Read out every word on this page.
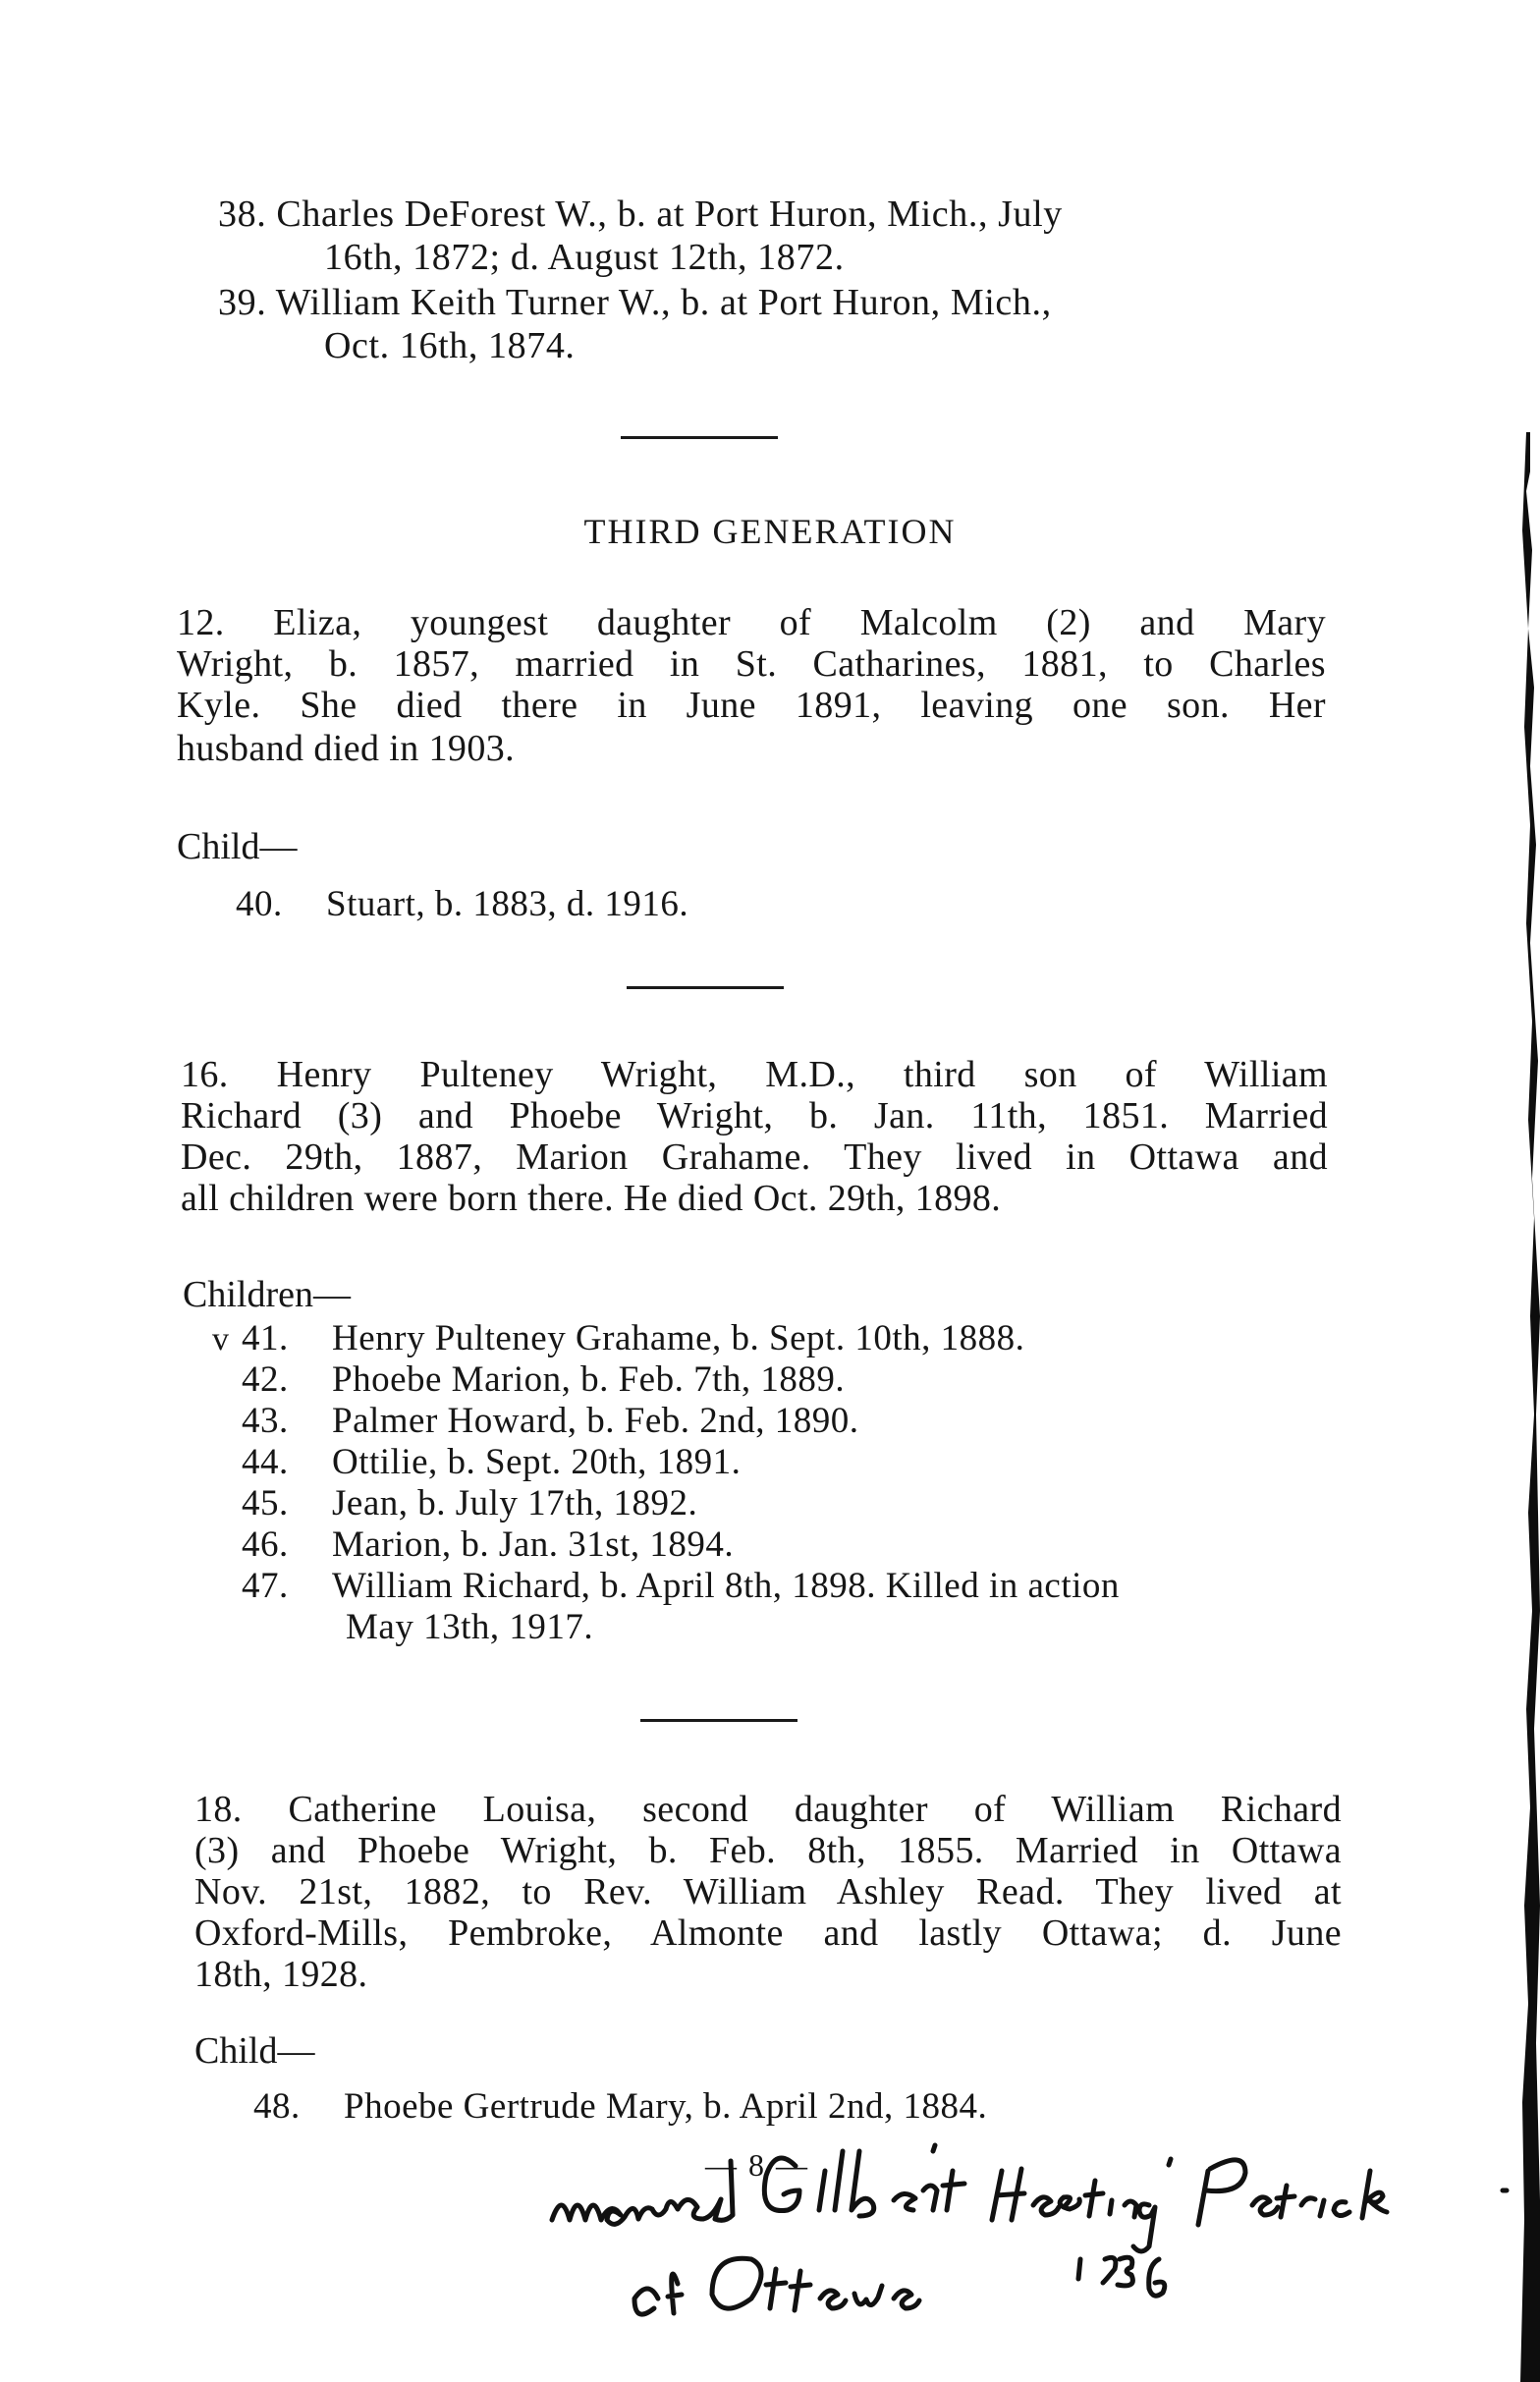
38. Charles DeForest W., b. at Port Huron, Mich., July
16th, 1872; d. August 12th, 1872.
39. William Keith Turner W., b. at Port Huron, Mich.,
Oct. 16th, 1874.
THIRD GENERATION
12. Eliza, youngest daughter of Malcolm (2) and Mary
Wright, b. 1857, married in St. Catharines, 1881, to Charles
Kyle. She died there in June 1891, leaving one son. Her
husband died in 1903.
Child—
40. Stuart, b. 1883, d. 1916.
16. Henry Pulteney Wright, M.D., third son of William
Richard (3) and Phoebe Wright, b. Jan. 11th, 1851. Married
Dec. 29th, 1887, Marion Grahame. They lived in Ottawa and
all children were born there. He died Oct. 29th, 1898.
Children—
v 41. Henry Pulteney Grahame, b. Sept. 10th, 1888.
42. Phoebe Marion, b. Feb. 7th, 1889.
43. Palmer Howard, b. Feb. 2nd, 1890.
44. Ottilie, b. Sept. 20th, 1891.
45. Jean, b. July 17th, 1892.
46. Marion, b. Jan. 31st, 1894.
47. William Richard, b. April 8th, 1898. Killed in action
May 13th, 1917.
18. Catherine Louisa, second daughter of William Richard
(3) and Phoebe Wright, b. Feb. 8th, 1855. Married in Ottawa
Nov. 21st, 1882, to Rev. William Ashley Read. They lived at
Oxford-Mills, Pembroke, Almonte and lastly Ottawa; d. June
18th, 1928.
Child—
48. Phoebe Gertrude Mary, b. April 2nd, 1884.
— 8 —
